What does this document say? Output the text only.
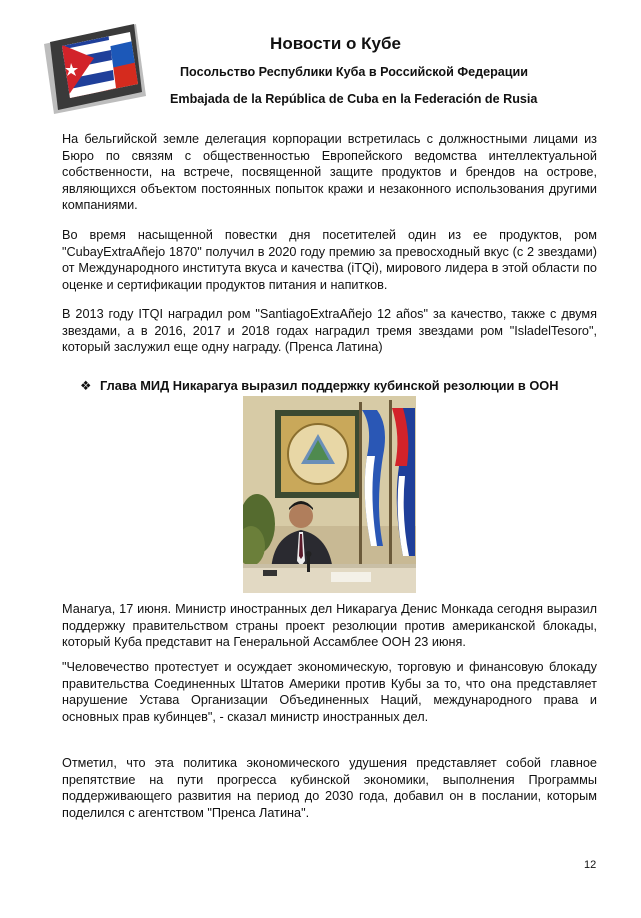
Новости о Кубе
Посольство Республики Куба в Российской Федерации
Embajada de la República de Cuba en la Federación de Rusia

На бельгийской земле делегация корпорации встретилась с должностными лицами из Бюро по связям с общественностью Европейского ведомства интеллектуальной собственности, на встрече, посвященной защите продуктов и брендов на острове, являющихся объектом постоянных попыток кражи и незаконного использования другими компаниями.

Во время насыщенной повестки дня посетителей один из ее продуктов, ром "CubayExtraAñejo 1870" получил в 2020 году премию за превосходный вкус (с 2 звездами) от Международного института вкуса и качества (iTQi), мирового лидера в этой области по оценке и сертификации продуктов питания и напитков.

В 2013 году ITQI наградил ром "SantiagoExtraAñejo 12 años" за качество, также с двумя звездами, а в 2016, 2017 и 2018 годах наградил тремя звездами ром "IsladelTesoro", который заслужил еще одну награду. (Пренса Латина)

❖ Глава МИД Никарагуа выразил поддержку кубинской резолюции в ООН

Манагуа, 17 июня. Министр иностранных дел Никарагуа Денис Монкада сегодня выразил поддержку правительством страны проект резолюции против американской блокады, который Куба представит на Генеральной Ассамблее ООН 23 июня.

"Человечество протестует и осуждает экономическую, торговую и финансовую блокаду правительства Соединенных Штатов Америки против Кубы за то, что она представляет нарушение Устава Организации Объединенных Наций, международного права и основных прав кубинцев", - сказал министр иностранных дел.

Отметил, что эта политика экономического удушения представляет собой главное препятствие на пути прогресса кубинской экономики, выполнения Программы поддерживающего развития на период до 2030 года, добавил он в послании, которым поделился с агентством "Пренса Латина".

12
